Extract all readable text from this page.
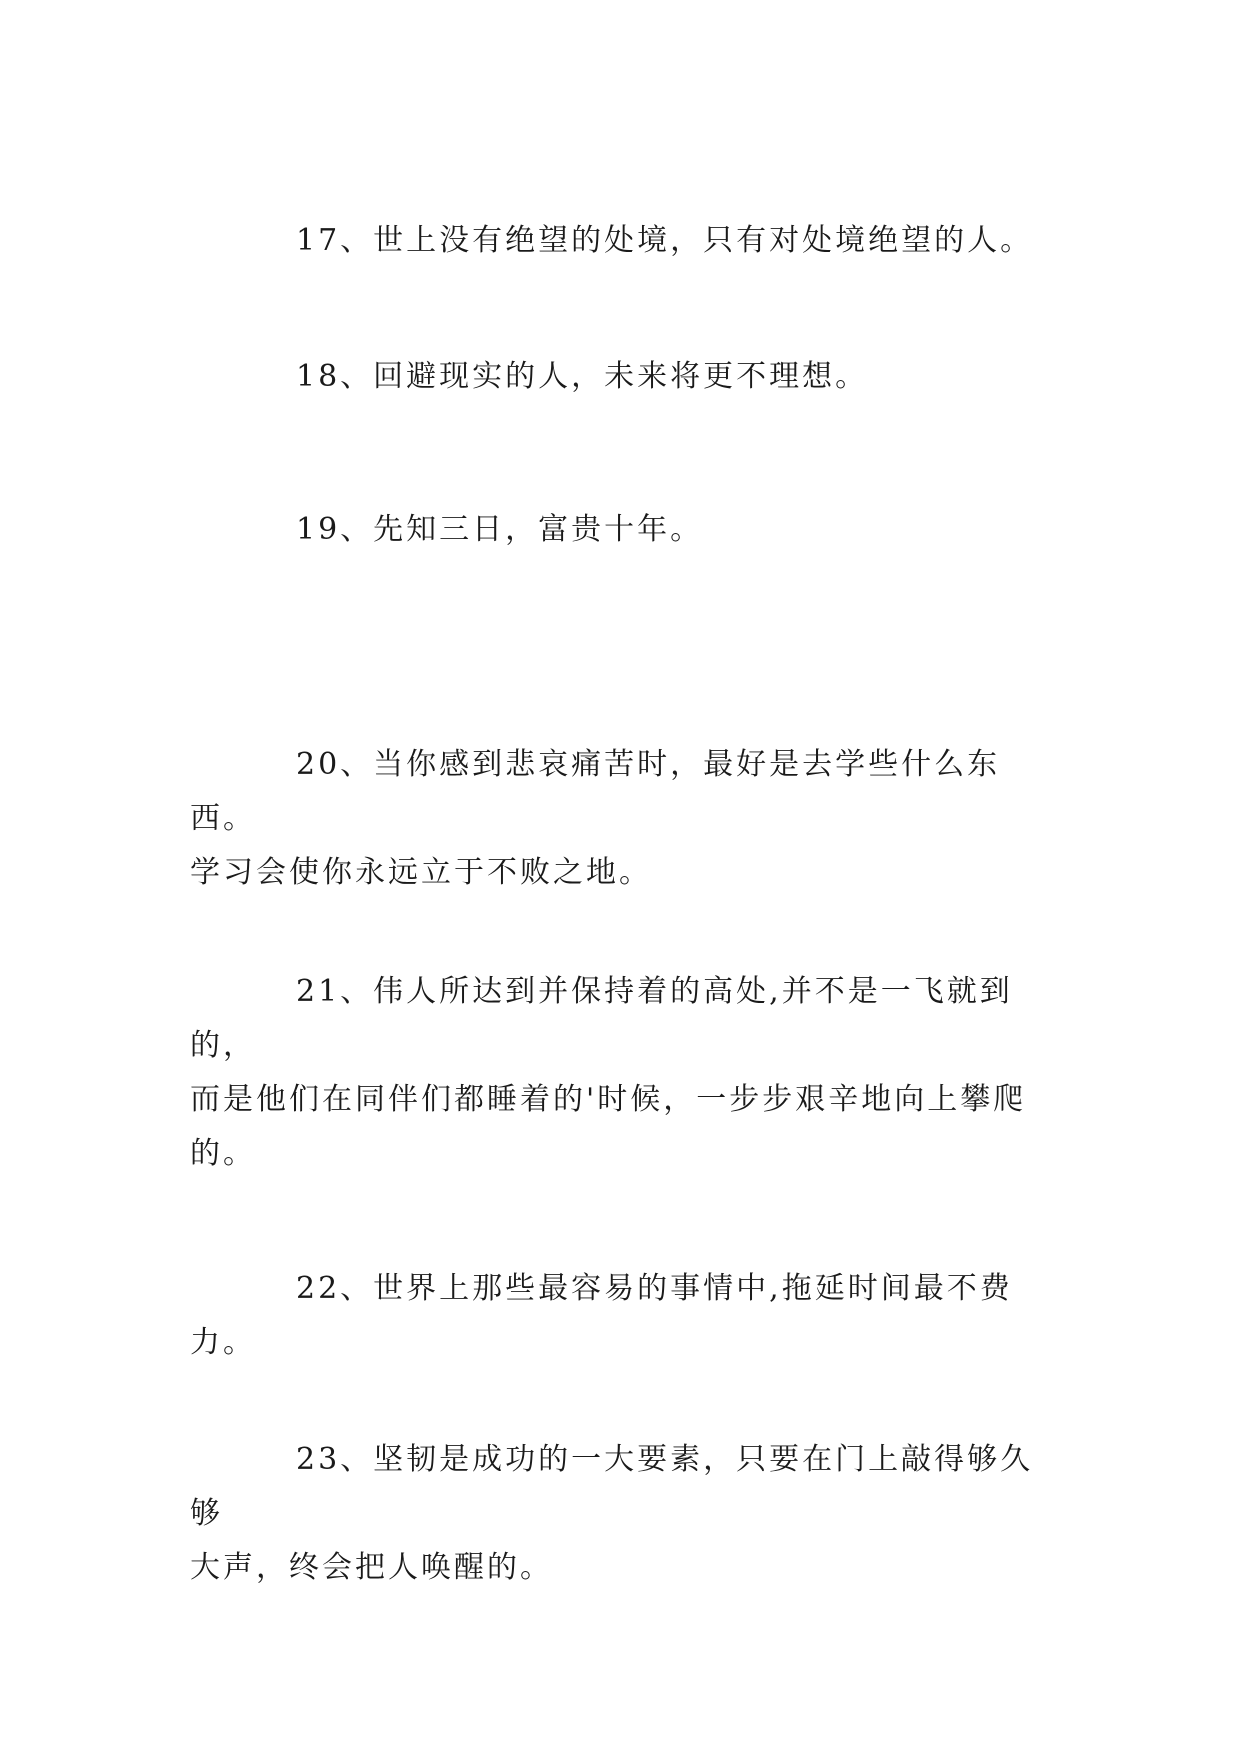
17、世上没有绝望的处境，只有对处境绝望的人。

18、回避现实的人，未来将更不理想。

19、先知三日，富贵十年。

20、当你感到悲哀痛苦时，最好是去学些什么东西。
学习会使你永远立于不败之地。

21、伟人所达到并保持着的高处,并不是一飞就到的，
而是他们在同伴们都睡着的'时候，一步步艰辛地向上攀爬
的。

22、世界上那些最容易的事情中,拖延时间最不费力。

23、坚韧是成功的一大要素，只要在门上敲得够久够
大声，终会把人唤醒的。
